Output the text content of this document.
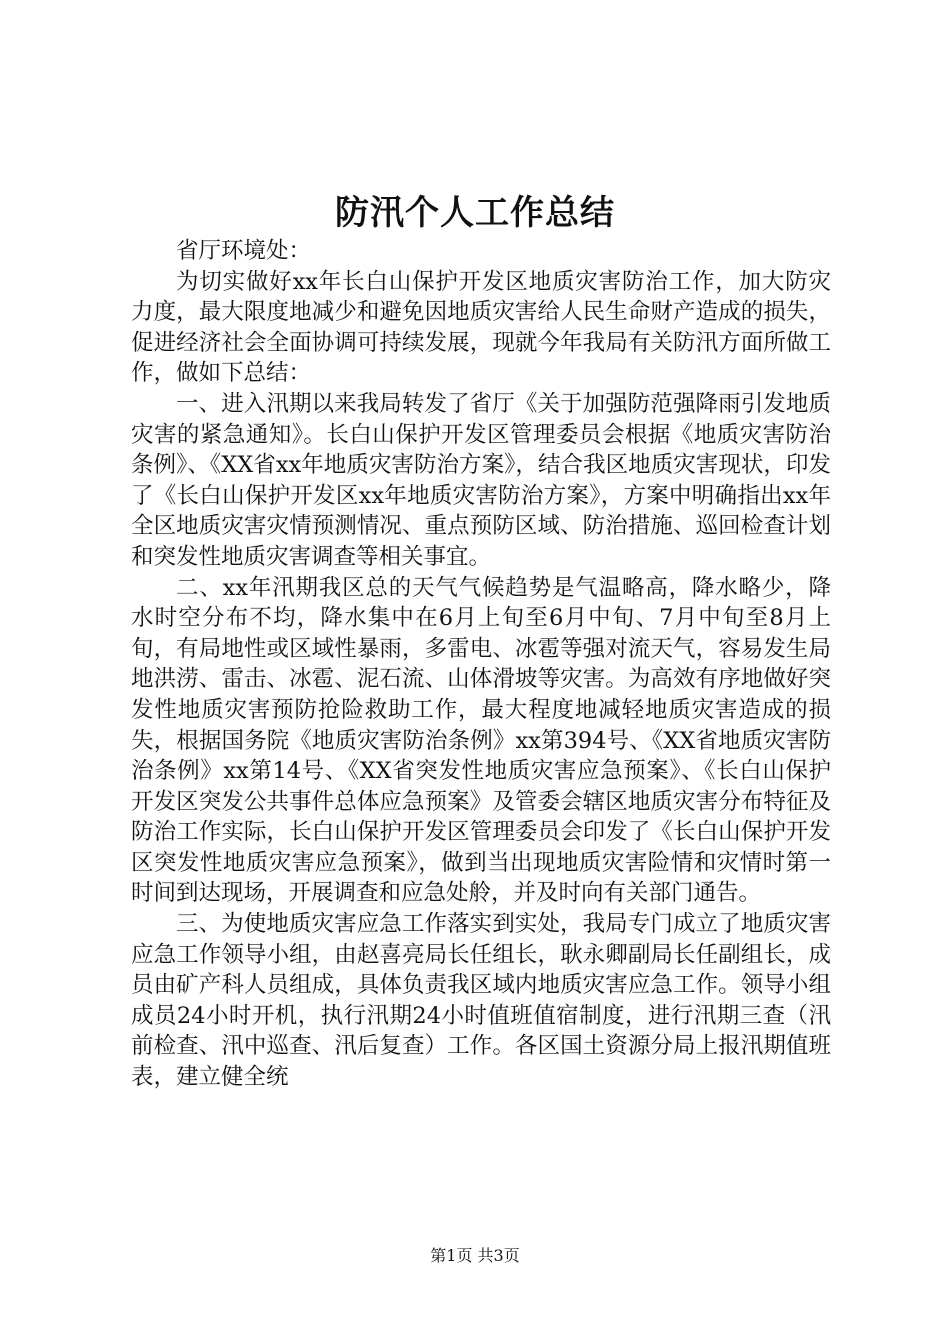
防汛个人工作总结

省厅环境处：

为切实做好xx年长白山保护开发区地质灾害防治工作，加大防灾力度，最大限度地减少和避免因地质灾害给人民生命财产造成的损失，促进经济社会全面协调可持续发展，现就今年我局有关防汛方面所做工作，做如下总结：

一、进入汛期以来我局转发了省厅《关于加强防范强降雨引发地质灾害的紧急通知》。长白山保护开发区管理委员会根据《地质灾害防治条例》、《XX省xx年地质灾害防治方案》，结合我区地质灾害现状，印发了《长白山保护开发区xx年地质灾害防治方案》，方案中明确指出xx年全区地质灾害灾情预测情况、重点预防区域、防治措施、巡回检查计划和突发性地质灾害调查等相关事宜。

二、xx年汛期我区总的天气气候趋势是气温略高，降水略少，降水时空分布不均，降水集中在6月上旬至6月中旬、7月中旬至8月上旬，有局地性或区域性暴雨，多雷电、冰雹等强对流天气，容易发生局地洪涝、雷击、冰雹、泥石流、山体滑坡等灾害。为高效有序地做好突发性地质灾害预防抢险救助工作，最大程度地减轻地质灾害造成的损失，根据国务院《地质灾害防治条例》xx第394号、《XX省地质灾害防治条例》xx第14号、《XX省突发性地质灾害应急预案》、《长白山保护开发区突发公共事件总体应急预案》及管委会辖区地质灾害分布特征及防治工作实际，长白山保护开发区管理委员会印发了《长白山保护开发区突发性地质灾害应急预案》，做到当出现地质灾害险情和灾情时第一时间到达现场，开展调查和应急处舲，并及时向有关部门通告。

三、为使地质灾害应急工作落实到实处，我局专门成立了地质灾害应急工作领导小组，由赵喜亮局长任组长，耿永卿副局长任副组长，成员由矿产科人员组成，具体负责我区域内地质灾害应急工作。领导小组成员24小时开机，执行汛期24小时值班值宿制度，进行汛期三查（汛前检查、汛中巡查、汛后复查）工作。各区国土资源分局上报汛期值班表，建立健全统

第1页 共3页
